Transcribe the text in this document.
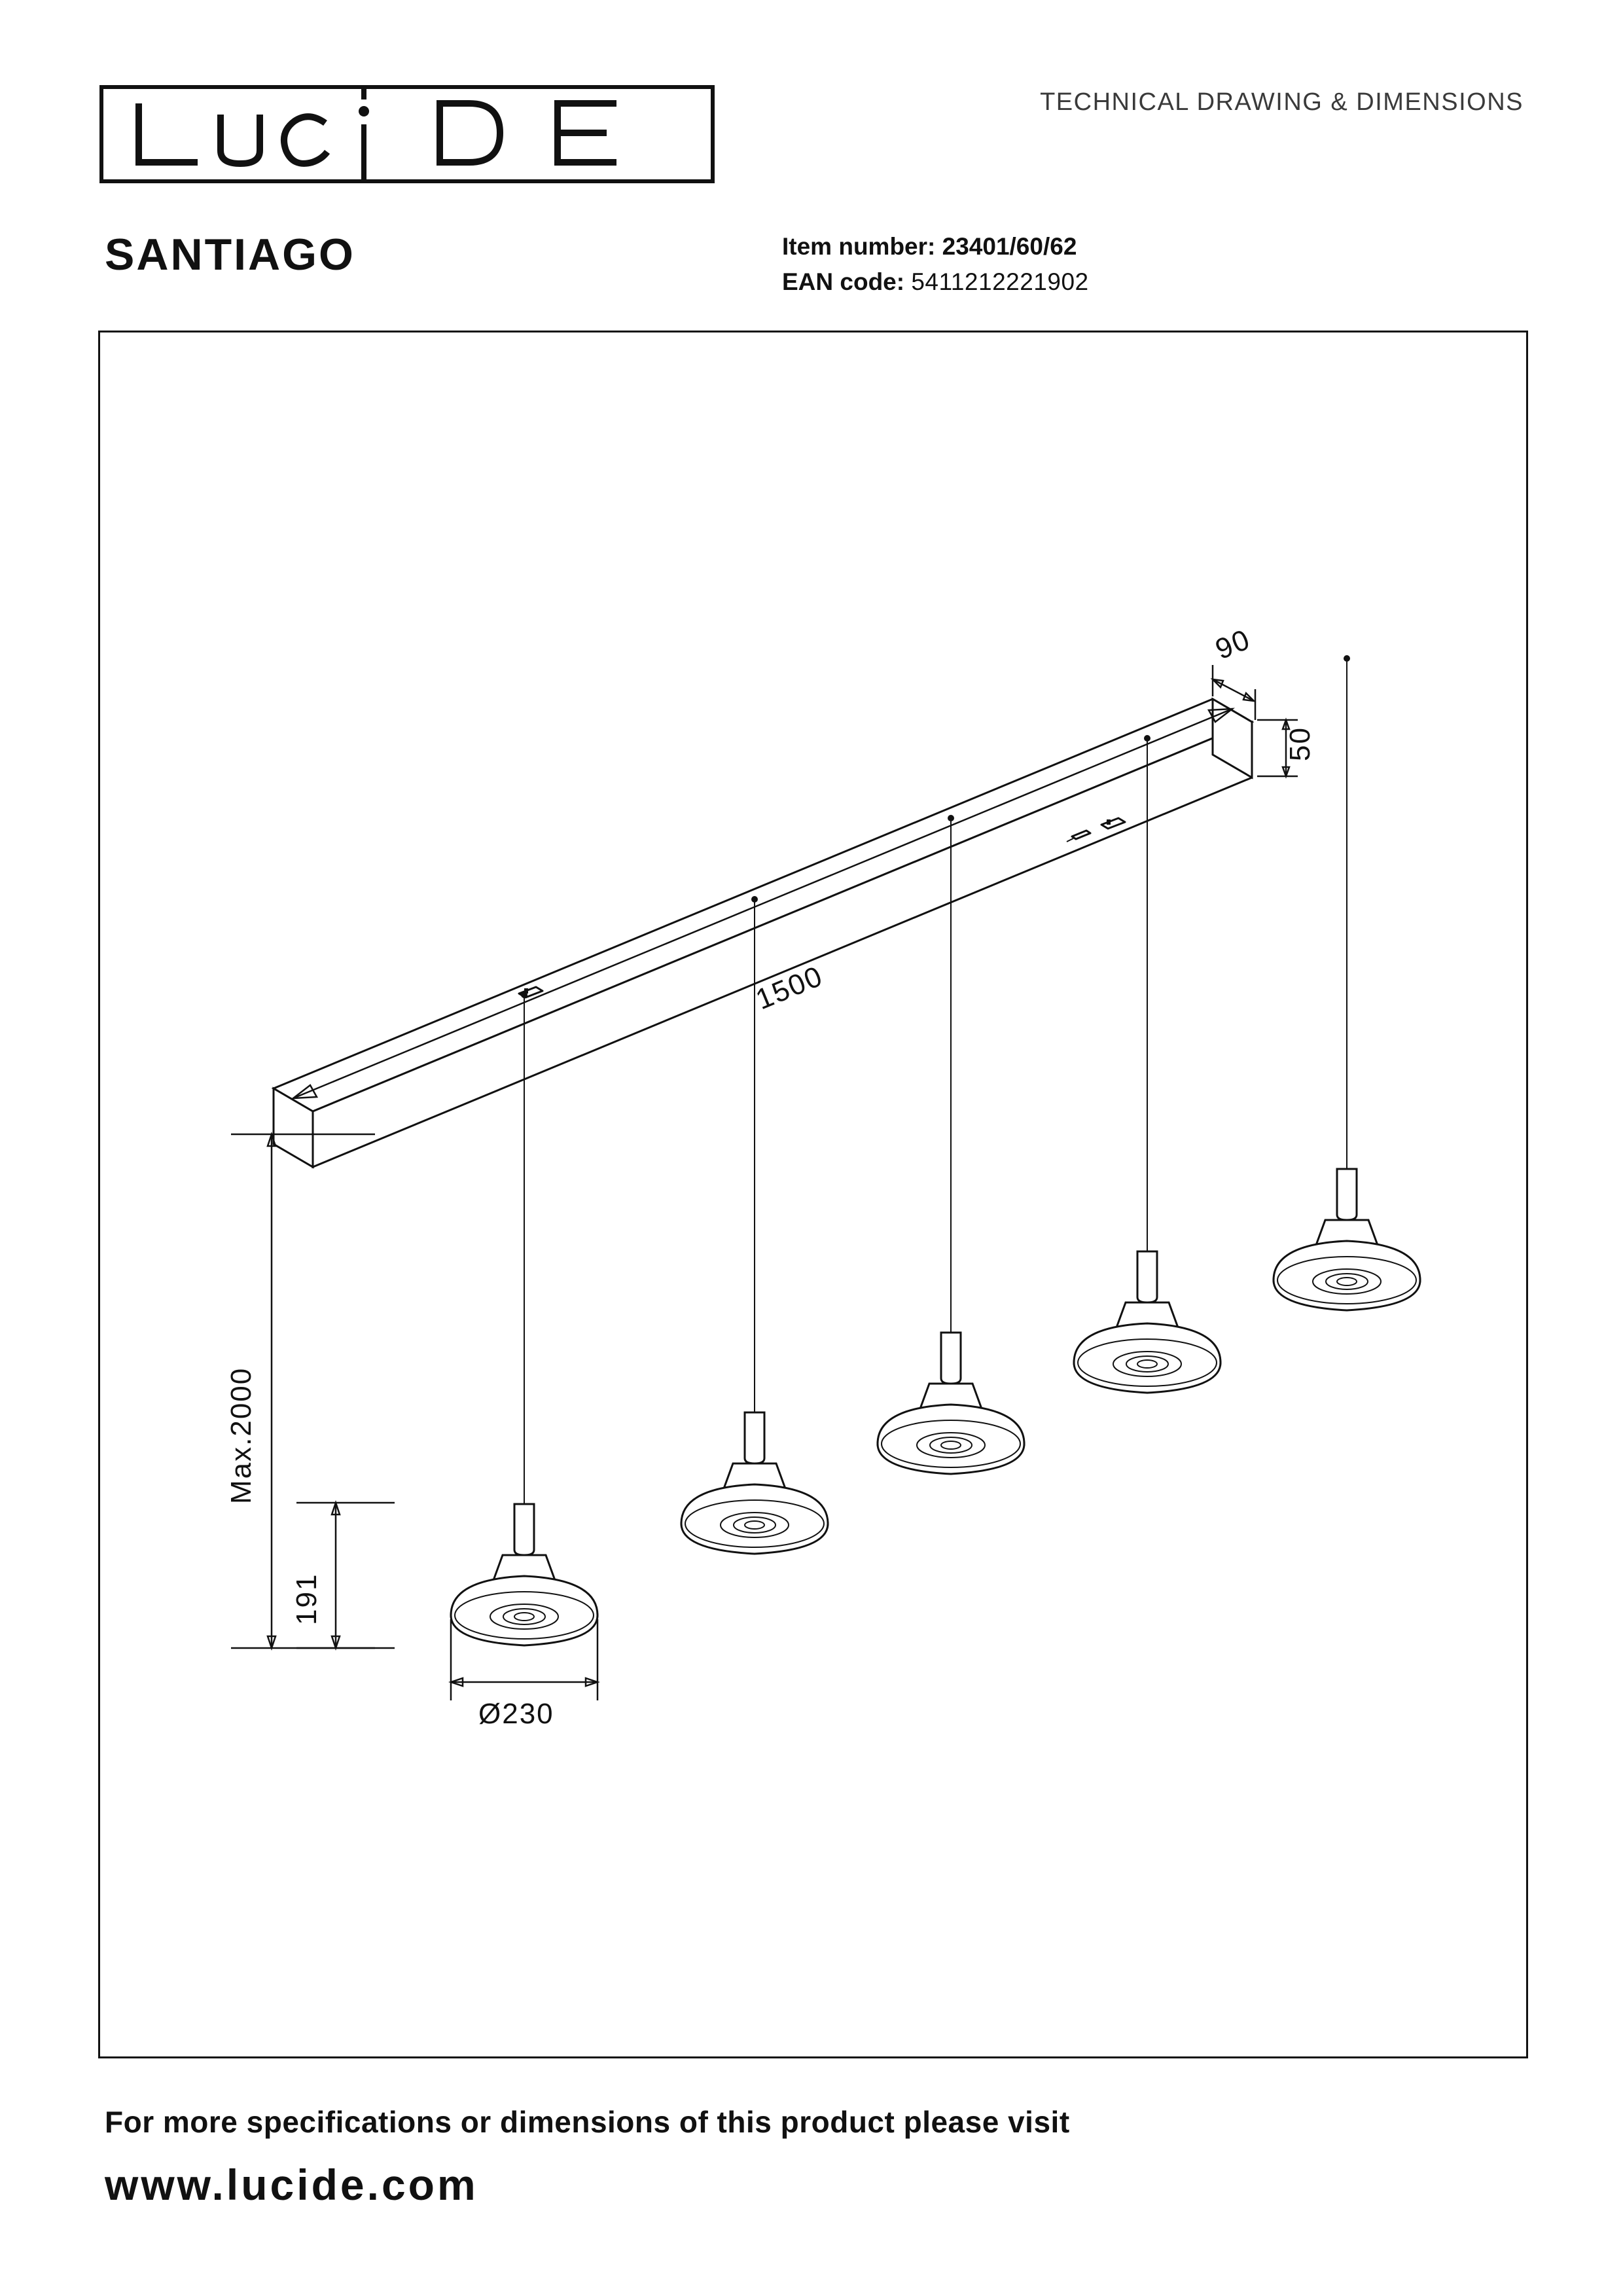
TECHNICAL DRAWING & DIMENSIONS
SANTIAGO	Item number: 23401/60/62
EAN code: 5411212221902
90
50
1500
Max.2000
191
Ø230
For more specifications or dimensions of this product please visit
www.lucide.com
